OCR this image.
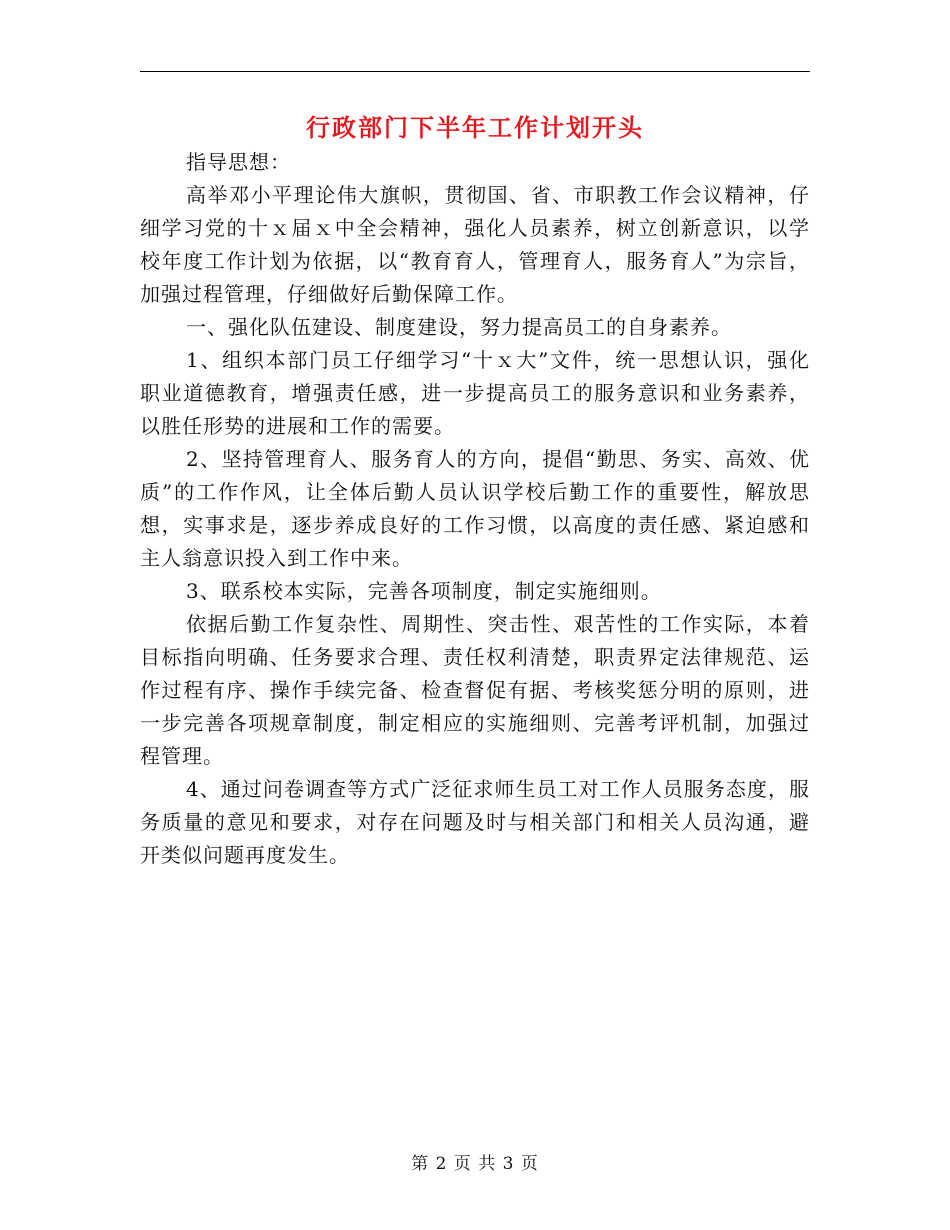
行政部门下半年工作计划开头

指导思想：

高举邓小平理论伟大旗帜，贯彻国、省、市职教工作会议精神，仔细学习党的十ｘ届ｘ中全会精神，强化人员素养，树立创新意识，以学校年度工作计划为依据，以“教育育人，管理育人，服务育人”为宗旨，加强过程管理，仔细做好后勤保障工作。

一、强化队伍建设、制度建设，努力提高员工的自身素养。

1、组织本部门员工仔细学习“十ｘ大”文件，统一思想认识，强化职业道德教育，增强责任感，进一步提高员工的服务意识和业务素养，以胜任形势的进展和工作的需要。

2、坚持管理育人、服务育人的方向，提倡“勤思、务实、高效、优质”的工作作风，让全体后勤人员认识学校后勤工作的重要性，解放思想，实事求是，逐步养成良好的工作习惯，以高度的责任感、紧迫感和主人翁意识投入到工作中来。

3、联系校本实际，完善各项制度，制定实施细则。

依据后勤工作复杂性、周期性、突击性、艰苦性的工作实际，本着目标指向明确、任务要求合理、责任权利清楚，职责界定法律规范、运作过程有序、操作手续完备、检查督促有据、考核奖惩分明的原则，进一步完善各项规章制度，制定相应的实施细则、完善考评机制，加强过程管理。

4、通过问卷调查等方式广泛征求师生员工对工作人员服务态度，服务质量的意见和要求，对存在问题及时与相关部门和相关人员沟通，避开类似问题再度发生。

第 2 页 共 3 页
